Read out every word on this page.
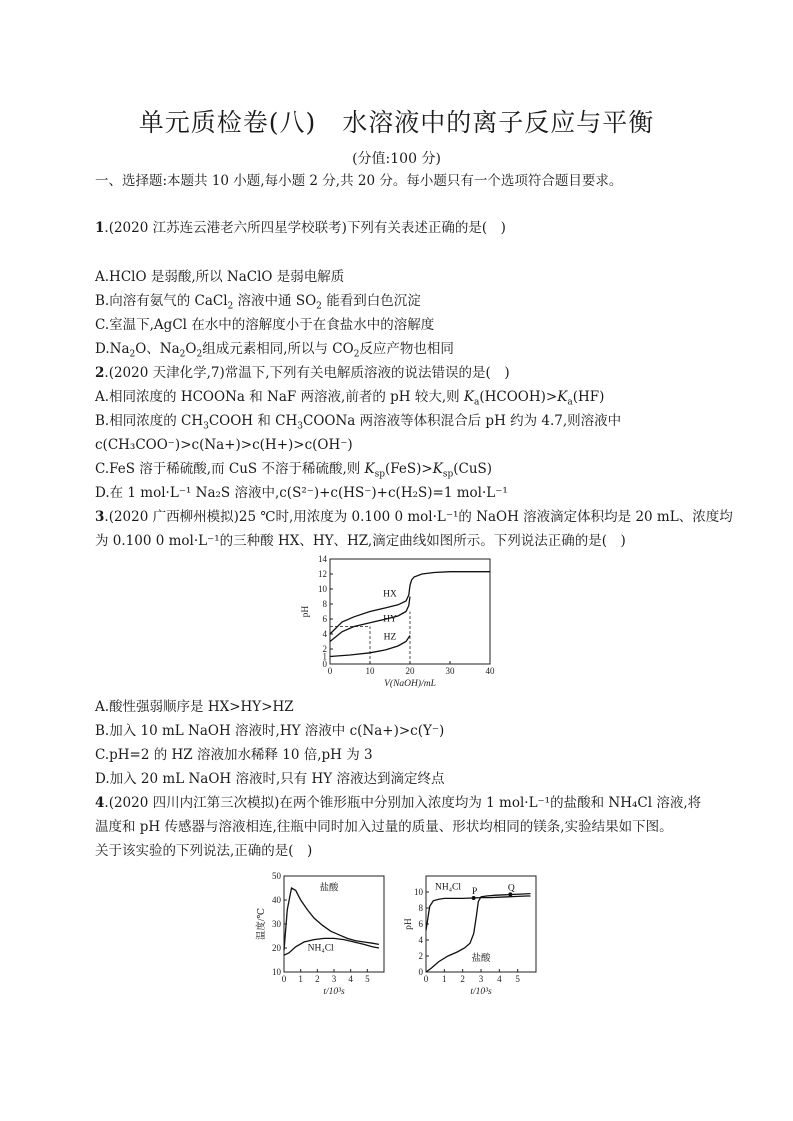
单元质检卷(八)　水溶液中的离子反应与平衡
(分值:100 分)
一、选择题:本题共 10 小题,每小题 2 分,共 20 分。每小题只有一个选项符合题目要求。
1.(2020 江苏连云港老六所四星学校联考)下列有关表述正确的是(　)
A.HClO 是弱酸,所以 NaClO 是弱电解质
B.向溶有氨气的 CaCl$_2$ 溶液中通 $SO_2$ 能看到白色沉淀
C.室温下,AgCl 在水中的溶解度小于在食盐水中的溶解度
$D.Na_2O$、$Na_2O_2$组成元素相同,所以与 $CO_2$反应产物也相同
2.(2020 天津化学,7)常温下,下列有关电解质溶液的说法错误的是(　)
A.相同浓度的 HCOONa 和 NaF 两溶液,前者的 pH 较大,则 $K_a(HCOOH)>K_a(HF)$
B.相同浓度的 $CH_3COOH$ 和 $CH_3COONa$ 两溶液等体积混合后 pH 约为 4.7,则溶液中
c(CH₃COO⁻)>c(Na+)>c(H+)>c(OH⁻)
C.FeS 溶于稀硫酸,而 CuS 不溶于稀硫酸,则 $K_{sp}(FeS)>K_{sp}(CuS)$
D.在 1 mol·L⁻¹ Na₂S 溶液中,c(S²⁻)+c(HS⁻)+c(H₂S)=1 mol·L⁻¹
3.(2020 广西柳州模拟)25 ℃时,用浓度为 0.100 0 mol·L⁻¹的 NaOH 溶液滴定体积均是 20 mL、浓度均
为 0.100 0 mol·L⁻¹的三种酸 HX、HY、HZ,滴定曲线如图所示。下列说法正确的是(　)
0	10	20	30	40
0
1
2
4
6
8
10
12
14
V(NaOH)/mL
pH
HX
HY
HZ
A.酸性强弱顺序是 HX>HY>HZ
B.加入 10 mL NaOH 溶液时,HY 溶液中 c(Na+)>c(Y⁻)
C.pH=2 的 HZ 溶液加水稀释 10 倍,pH 为 3
D.加入 20 mL NaOH 溶液时,只有 HY 溶液达到滴定终点
4.(2020 四川内江第三次模拟)在两个锥形瓶中分别加入浓度均为 1 mol·L⁻¹的盐酸和 NH₄Cl 溶液,将
温度和 pH 传感器与溶液相连,往瓶中同时加入过量的质量、形状均相同的镁条,实验结果如下图。
关于该实验的下列说法,正确的是(　)
0 1 2 3 4 5
10
20
30
40
50
t/10³s
温度/℃
盐酸
NH₄Cl
0 1 2 3 4 5
0
2
4
6
8
10
t/10³s
pH
NH₄Cl
盐酸
P	Q
